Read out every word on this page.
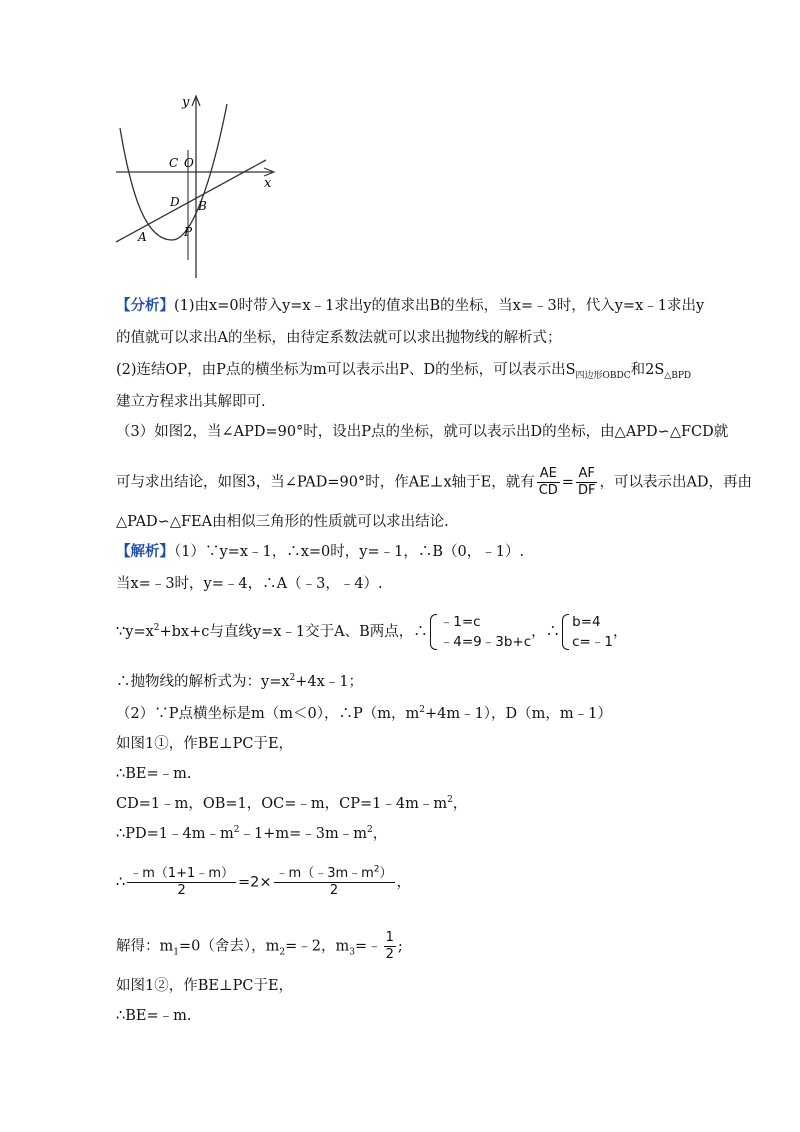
y
x
C O
D B
A	P
【分析】(1)由x=0时带入y=x﹣1求出y的值求出B的坐标，当x=﹣3时，代入y=x﹣1求出y
的值就可以求出A的坐标，由待定系数法就可以求出抛物线的解析式；
(2)连结OP，由P点的横坐标为m可以表示出P、D的坐标，可以表示出$S_{四边形OBDC}$和$2S_{\triangle BPD}$
建立方程求出其解即可.
（3）如图2，当∠APD=90°时，设出P点的坐标，就可以表示出D的坐标，由△APD∽△FCD就
可与求出结论，如图3，当∠PAD=90°时，作AE⊥x轴于E，就有 $\frac{AE}{CD} = \frac{AF}{DF}$ ，可以表示出AD，再由
△PAD∽△FEA由相似三角形的性质就可以求出结论.
【解析】（1）∵y=x﹣1，∴x=0时，y=﹣1，∴B（0，﹣1）.
当x=﹣3时，y=﹣4，∴A（﹣3，﹣4）.
$\because y=x^2+bx+c$与直线y=x﹣1交于A、B两点，∴
﹣1=c
﹣4=9﹣3b+c
，∴
b=4
c=﹣1
，
∴抛物线的解析式为：$y=x^2+4x﹣1$；
（2）∵P点横坐标是m（m＜0），∴P（m，$m^2+4m﹣1$），D（m，m﹣1）
如图1①，作BE⊥PC于E，
∴BE=﹣m.
CD=1﹣m，OB=1，OC=﹣m，$CP=1﹣4m﹣m^2$，
$\therefore PD=1﹣4m﹣m^2﹣1+m=﹣3m﹣m^2$，
∴ $\frac{﹣m(1+1﹣m)}{2} =2\times \frac{﹣m(﹣3m﹣m^2)}{2}$ ，
解得：$m_1=0$（舍去），$m_2=﹣2$，$m_3=﹣ \frac{1}{2}$ ;
如图1②，作BE⊥PC于E，
∴BE=﹣m.
